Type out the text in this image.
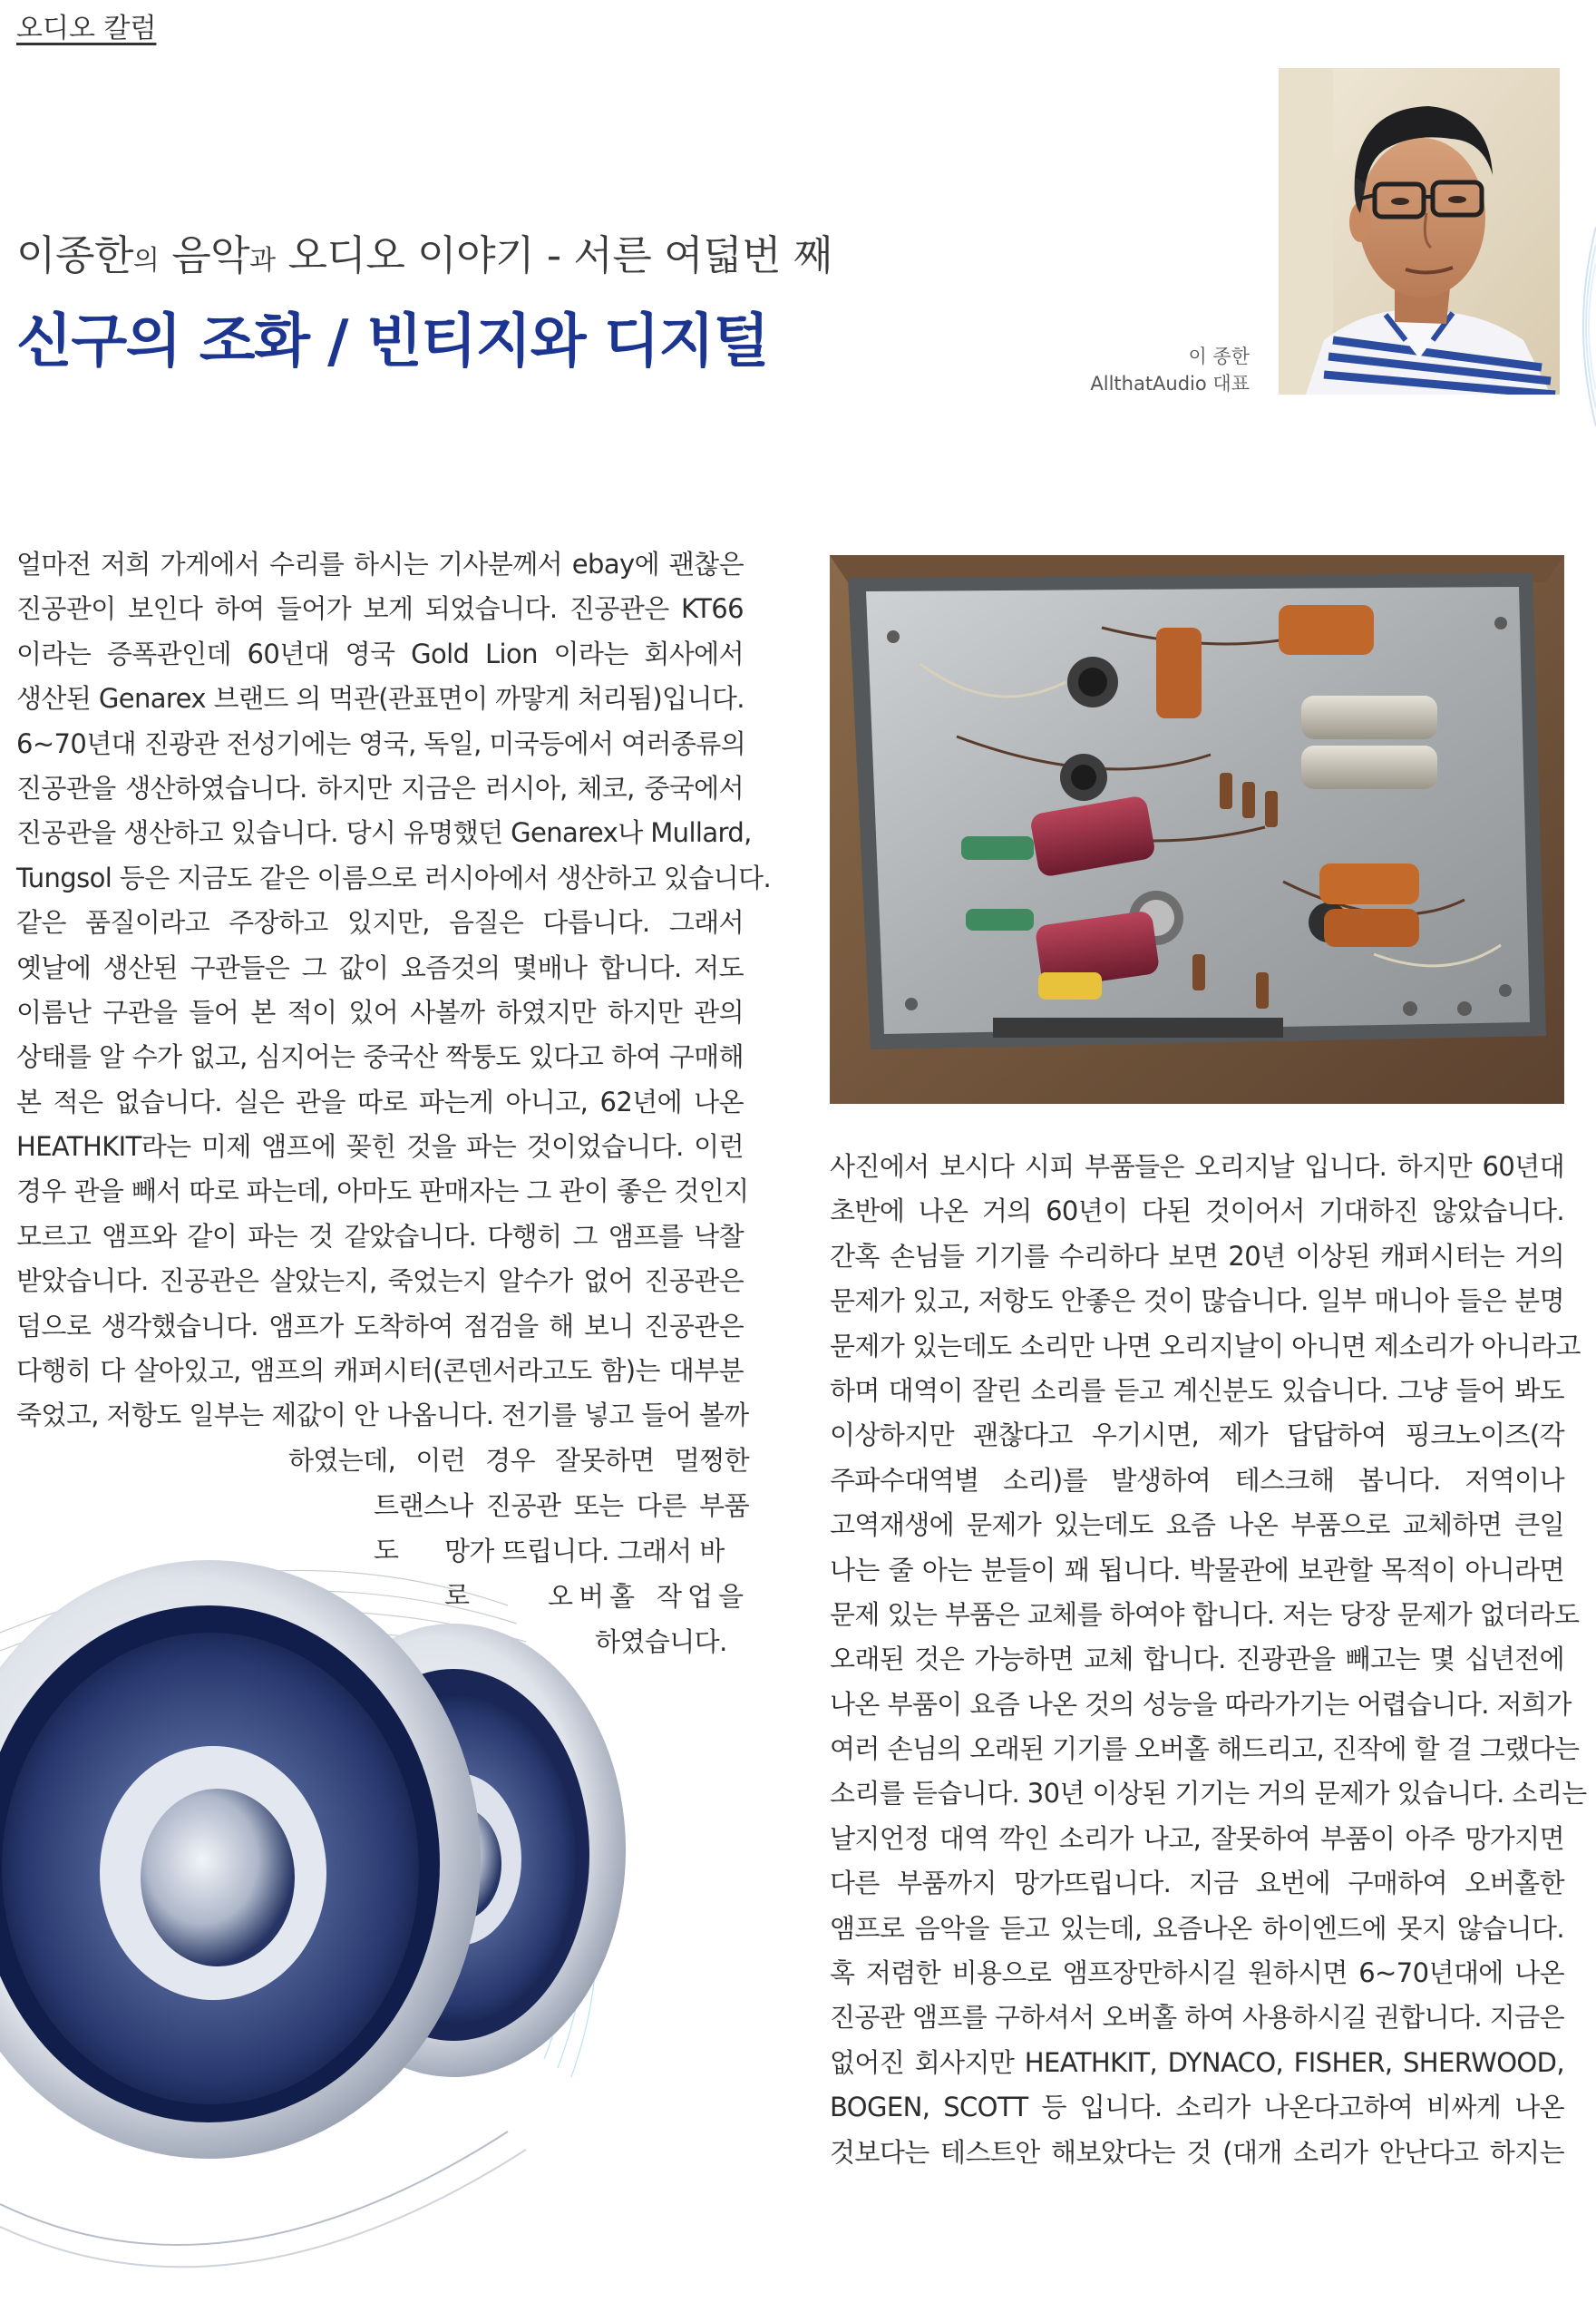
오디오 칼럼
이종한의 음악과 오디오 이야기 - 서른 여덟번 째
신구의 조화 / 빈티지와 디지털	이 종한
AllthatAudio 대표
얼마전 저희 가게에서 수리를 하시는 기사분께서 ebay에 괜찮은
진공관이 보인다 하여 들어가 보게 되었습니다. 진공관은 KT66
이라는 증폭관인데 60년대 영국 Gold Lion 이라는 회사에서
생산된 Genarex 브랜드 의 먹관(관표면이 까맣게 처리됨)입니다.
6~70년대 진광관 전성기에는 영국, 독일, 미국등에서 여러종류의
진공관을 생산하였습니다. 하지만 지금은 러시아, 체코, 중국에서
진공관을 생산하고 있습니다. 당시 유명했던 Genarex나 Mullard,
Tungsol 등은 지금도 같은 이름으로 러시아에서 생산하고 있습니다.
같은 품질이라고 주장하고 있지만, 음질은 다릅니다. 그래서
옛날에 생산된 구관들은 그 값이 요즘것의 몇배나 합니다. 저도
이름난 구관을 들어 본 적이 있어 사볼까 하였지만 하지만 관의
상태를 알 수가 없고, 심지어는 중국산 짝퉁도 있다고 하여 구매해
본 적은 없습니다. 실은 관을 따로 파는게 아니고, 62년에 나온
HEATHKIT라는 미제 앰프에 꽂힌 것을 파는 것이었습니다. 이런
경우 관을 빼서 따로 파는데, 아마도 판매자는 그 관이 좋은 것인지
모르고 앰프와 같이 파는 것 같았습니다. 다행히 그 앰프를 낙찰
받았습니다. 진공관은 살았는지, 죽었는지 알수가 없어 진공관은
덤으로 생각했습니다. 앰프가 도착하여 점검을 해 보니 진공관은
다행히 다 살아있고, 앰프의 캐퍼시터(콘덴서라고도 함)는 대부분
죽었고, 저항도 일부는 제값이 안 나옵니다. 전기를 넣고 들어 볼까
하였는데, 이런 경우 잘못하면 멀쩡한
트랜스나 진공관 또는 다른 부품도	망가 뜨립니다. 그래서 바로	오버홀 작업을
하였습니다.
사진에서 보시다 시피 부품들은 오리지날 입니다. 하지만 60년대
초반에 나온 거의 60년이 다된 것이어서 기대하진 않았습니다.
간혹 손님들 기기를 수리하다 보면 20년 이상된 캐퍼시터는 거의
문제가 있고, 저항도 안좋은 것이 많습니다. 일부 매니아 들은 분명
문제가 있는데도 소리만 나면 오리지날이 아니면 제소리가 아니라고
하며 대역이 잘린 소리를 듣고 계신분도 있습니다. 그냥 들어 봐도
이상하지만 괜찮다고 우기시면, 제가 답답하여 핑크노이즈(각
주파수대역별 소리)를 발생하여 테스크해 봅니다. 저역이나
고역재생에 문제가 있는데도 요즘 나온 부품으로 교체하면 큰일
나는 줄 아는 분들이 꽤 됩니다. 박물관에 보관할 목적이 아니라면
문제 있는 부품은 교체를 하여야 합니다. 저는 당장 문제가 없더라도
오래된 것은 가능하면 교체 합니다. 진광관을 빼고는 몇 십년전에
나온 부품이 요즘 나온 것의 성능을 따라가기는 어렵습니다. 저희가
여러 손님의 오래된 기기를 오버홀 해드리고, 진작에 할 걸 그랬다는
소리를 듣습니다. 30년 이상된 기기는 거의 문제가 있습니다. 소리는
날지언정 대역 깍인 소리가 나고, 잘못하여 부품이 아주 망가지면
다른 부품까지 망가뜨립니다. 지금 요번에 구매하여 오버홀한
앰프로 음악을 듣고 있는데, 요즘나온 하이엔드에 못지 않습니다.
혹 저렴한 비용으로 앰프장만하시길 원하시면 6~70년대에 나온
진공관 앰프를 구하셔서 오버홀 하여 사용하시길 권합니다. 지금은
없어진 회사지만 HEATHKIT, DYNACO, FISHER, SHERWOOD,
BOGEN, SCOTT 등 입니다. 소리가 나온다고하여 비싸게 나온
것보다는 테스트안 해보았다는 것 (대개 소리가 안난다고 하지는
